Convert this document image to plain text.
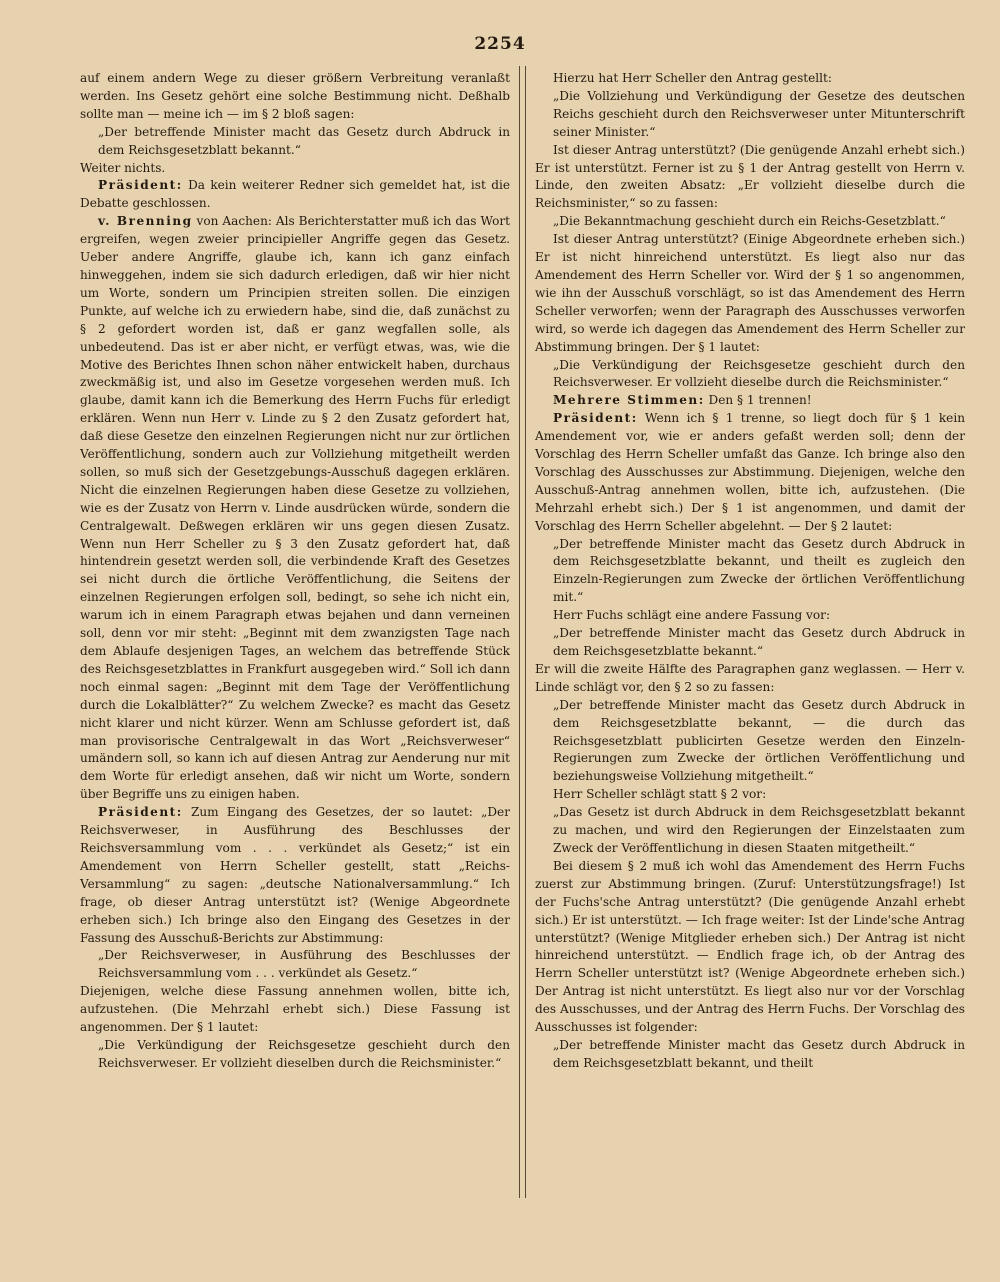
2254

auf einem andern Wege zu dieser größern Verbreitung veranlaßt werden. Ins Gesetz gehört eine solche Bestimmung nicht. Deßhalb sollte man — meine ich — im § 2 bloß sagen:

„Der betreffende Minister macht das Gesetz durch Abdruck in dem Reichsgesetzblatt bekannt.“

Weiter nichts.

Präsident: Da kein weiterer Redner sich gemeldet hat, ist die Debatte geschlossen.

v. Brenning von Aachen: Als Berichterstatter muß ich das Wort ergreifen, wegen zweier principieller Angriffe gegen das Gesetz. Ueber andere Angriffe, glaube ich, kann ich ganz einfach hinweggehen, indem sie sich dadurch erledigen, daß wir hier nicht um Worte, sondern um Principien streiten sollen. Die einzigen Punkte, auf welche ich zu erwiedern habe, sind die, daß zunächst zu § 2 gefordert worden ist, daß er ganz wegfallen solle, als unbedeutend. Das ist er aber nicht, er verfügt etwas, was, wie die Motive des Berichtes Ihnen schon näher entwickelt haben, durchaus zweckmäßig ist, und also im Gesetze vorgesehen werden muß. Ich glaube, damit kann ich die Bemerkung des Herrn Fuchs für erledigt erklären. Wenn nun Herr v. Linde zu § 2 den Zusatz gefordert hat, daß diese Gesetze den einzelnen Regierungen nicht nur zur örtlichen Veröffentlichung, sondern auch zur Vollziehung mitgetheilt werden sollen, so muß sich der Gesetzgebungs-Ausschuß dagegen erklären. Nicht die einzelnen Regierungen haben diese Gesetze zu vollziehen, wie es der Zusatz von Herrn v. Linde ausdrücken würde, sondern die Centralgewalt. Deßwegen erklären wir uns gegen diesen Zusatz. Wenn nun Herr Scheller zu § 3 den Zusatz gefordert hat, daß hintendrein gesetzt werden soll, die verbindende Kraft des Gesetzes sei nicht durch die örtliche Veröffentlichung, die Seitens der einzelnen Regierungen erfolgen soll, bedingt, so sehe ich nicht ein, warum ich in einem Paragraph etwas bejahen und dann verneinen soll, denn vor mir steht: „Beginnt mit dem zwanzigsten Tage nach dem Ablaufe desjenigen Tages, an welchem das betreffende Stück des Reichsgesetzblattes in Frankfurt ausgegeben wird.“ Soll ich dann noch einmal sagen: „Beginnt mit dem Tage der Veröffentlichung durch die Lokalblätter?“ Zu welchem Zwecke? es macht das Gesetz nicht klarer und nicht kürzer. Wenn am Schlusse gefordert ist, daß man provisorische Centralgewalt in das Wort „Reichsverweser“ umändern soll, so kann ich auf diesen Antrag zur Aenderung nur mit dem Worte für erledigt ansehen, daß wir nicht um Worte, sondern über Begriffe uns zu einigen haben.

Präsident: Zum Eingang des Gesetzes, der so lautet: „Der Reichsverweser, in Ausführung des Beschlusses der Reichsversammlung vom . . . verkündet als Gesetz;“ ist ein Amendement von Herrn Scheller gestellt, statt „Reichs-Versammlung“ zu sagen: „deutsche Nationalversammlung.“ Ich frage, ob dieser Antrag unterstützt ist? (Wenige Abgeordnete erheben sich.) Ich bringe also den Eingang des Gesetzes in der Fassung des Ausschuß-Berichts zur Abstimmung:

„Der Reichsverweser, in Ausführung des Beschlusses der Reichsversammlung vom . . . verkündet als Gesetz.“

Diejenigen, welche diese Fassung annehmen wollen, bitte ich, aufzustehen. (Die Mehrzahl erhebt sich.) Diese Fassung ist angenommen. Der § 1 lautet:

„Die Verkündigung der Reichsgesetze geschieht durch den Reichsverweser. Er vollzieht dieselben durch die Reichsminister.“

Hierzu hat Herr Scheller den Antrag gestellt:

„Die Vollziehung und Verkündigung der Gesetze des deutschen Reichs geschieht durch den Reichsverweser unter Mitunterschrift seiner Minister.“

Ist dieser Antrag unterstützt? (Die genügende Anzahl erhebt sich.) Er ist unterstützt. Ferner ist zu § 1 der Antrag gestellt von Herrn v. Linde, den zweiten Absatz: „Er vollzieht dieselbe durch die Reichsminister,“ so zu fassen:

„Die Bekanntmachung geschieht durch ein Reichs-Gesetzblatt.“

Ist dieser Antrag unterstützt? (Einige Abgeordnete erheben sich.) Er ist nicht hinreichend unterstützt. Es liegt also nur das Amendement des Herrn Scheller vor. Wird der § 1 so angenommen, wie ihn der Ausschuß vorschlägt, so ist das Amendement des Herrn Scheller verworfen; wenn der Paragraph des Ausschusses verworfen wird, so werde ich dagegen das Amendement des Herrn Scheller zur Abstimmung bringen. Der § 1 lautet:

„Die Verkündigung der Reichsgesetze geschieht durch den Reichsverweser. Er vollzieht dieselbe durch die Reichsminister.“

Mehrere Stimmen: Den § 1 trennen!

Präsident: Wenn ich § 1 trenne, so liegt doch für § 1 kein Amendement vor, wie er anders gefaßt werden soll; denn der Vorschlag des Herrn Scheller umfaßt das Ganze. Ich bringe also den Vorschlag des Ausschusses zur Abstimmung. Diejenigen, welche den Ausschuß-Antrag annehmen wollen, bitte ich, aufzustehen. (Die Mehrzahl erhebt sich.) Der § 1 ist angenommen, und damit der Vorschlag des Herrn Scheller abgelehnt. — Der § 2 lautet:

„Der betreffende Minister macht das Gesetz durch Abdruck in dem Reichsgesetzblatte bekannt, und theilt es zugleich den Einzeln-Regierungen zum Zwecke der örtlichen Veröffentlichung mit.“

Herr Fuchs schlägt eine andere Fassung vor:

„Der betreffende Minister macht das Gesetz durch Abdruck in dem Reichsgesetzblatte bekannt.“

Er will die zweite Hälfte des Paragraphen ganz weglassen. — Herr v. Linde schlägt vor, den § 2 so zu fassen:

„Der betreffende Minister macht das Gesetz durch Abdruck in dem Reichsgesetzblatte bekannt, — die durch das Reichsgesetzblatt publicirten Gesetze werden den Einzeln-Regierungen zum Zwecke der örtlichen Veröffentlichung und beziehungsweise Vollziehung mitgetheilt.“

Herr Scheller schlägt statt § 2 vor:

„Das Gesetz ist durch Abdruck in dem Reichsgesetzblatt bekannt zu machen, und wird den Regierungen der Einzelstaaten zum Zweck der Veröffentlichung in diesen Staaten mitgetheilt.“

Bei diesem § 2 muß ich wohl das Amendement des Herrn Fuchs zuerst zur Abstimmung bringen. (Zuruf: Unterstützungsfrage!) Ist der Fuchs'sche Antrag unterstützt? (Die genügende Anzahl erhebt sich.) Er ist unterstützt. — Ich frage weiter: Ist der Linde'sche Antrag unterstützt? (Wenige Mitglieder erheben sich.) Der Antrag ist nicht hinreichend unterstützt. — Endlich frage ich, ob der Antrag des Herrn Scheller unterstützt ist? (Wenige Abgeordnete erheben sich.) Der Antrag ist nicht unterstützt. Es liegt also nur vor der Vorschlag des Ausschusses, und der Antrag des Herrn Fuchs. Der Vorschlag des Ausschusses ist folgender:

„Der betreffende Minister macht das Gesetz durch Abdruck in dem Reichsgesetzblatt bekannt, und theilt
